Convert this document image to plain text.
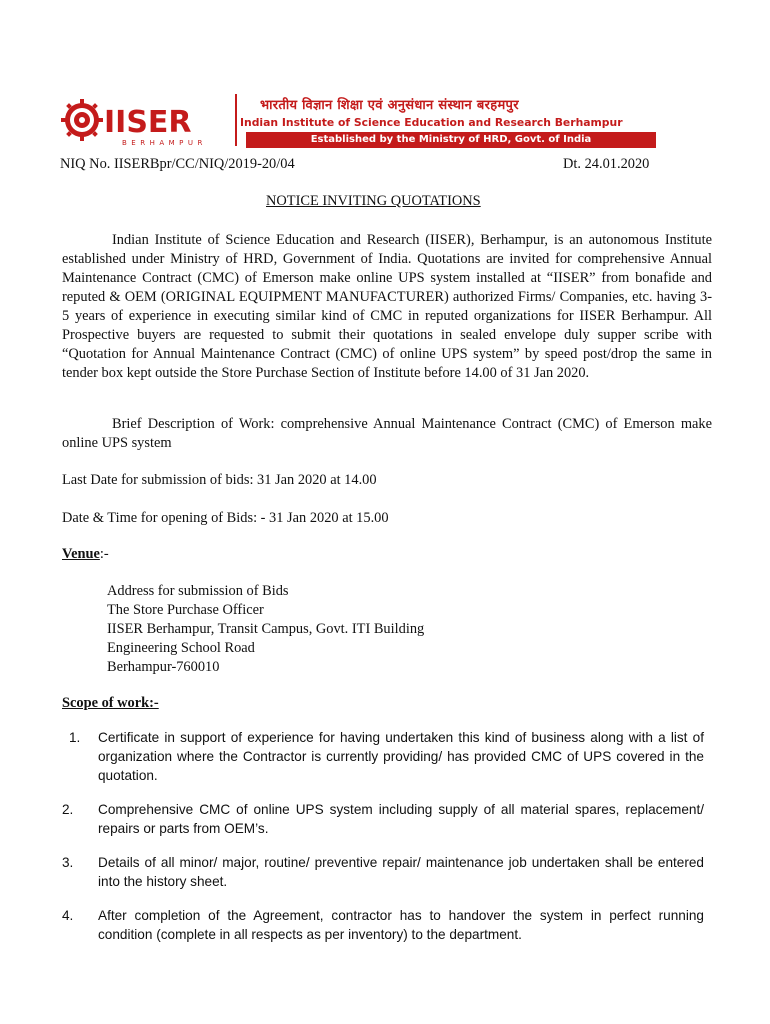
IISER
BERHAMPUR
भारतीय विज्ञान शिक्षा एवं अनुसंधान संस्थान बरहमपुर
Indian Institute of Science Education and Research Berhampur
Established by the Ministry of HRD, Govt. of India
NIQ No. IISERBpr/CC/NIQ/2019-20/04	Dt. 24.01.2020
NOTICE INVITING QUOTATIONS
Indian Institute of Science Education and Research (IISER), Berhampur, is an autonomous Institute established under Ministry of HRD, Government of India. Quotations are invited for comprehensive Annual Maintenance Contract (CMC) of Emerson make online UPS system installed at “IISER” from bonafide and reputed & OEM (ORIGINAL EQUIPMENT MANUFACTURER) authorized Firms/ Companies, etc. having 3-5 years of experience in executing similar kind of CMC in reputed organizations for IISER Berhampur. All Prospective buyers are requested to submit their quotations in sealed envelope duly supper scribe with “Quotation for Annual Maintenance Contract (CMC) of online UPS system” by speed post/drop the same in tender box kept outside the Store Purchase Section of Institute before 14.00 of 31 Jan 2020.
Brief Description of Work: comprehensive Annual Maintenance Contract (CMC) of Emerson make online UPS system
Last Date for submission of bids: 31 Jan 2020 at 14.00
Date & Time for opening of Bids: - 31 Jan 2020 at 15.00
Venue:-
Address for submission of Bids
The Store Purchase Officer
IISER Berhampur, Transit Campus, Govt. ITI Building
Engineering School Road
Berhampur-760010
Scope of work:-
1. Certificate in support of experience for having undertaken this kind of business along with a list of organization where the Contractor is currently providing/ has provided CMC of UPS covered in the quotation.
2. Comprehensive CMC of online UPS system including supply of all material spares, replacement/ repairs or parts from OEM’s.
3. Details of all minor/ major, routine/ preventive repair/ maintenance job undertaken shall be entered into the history sheet.
4. After completion of the Agreement, contractor has to handover the system in perfect running condition (complete in all respects as per inventory) to the department.
